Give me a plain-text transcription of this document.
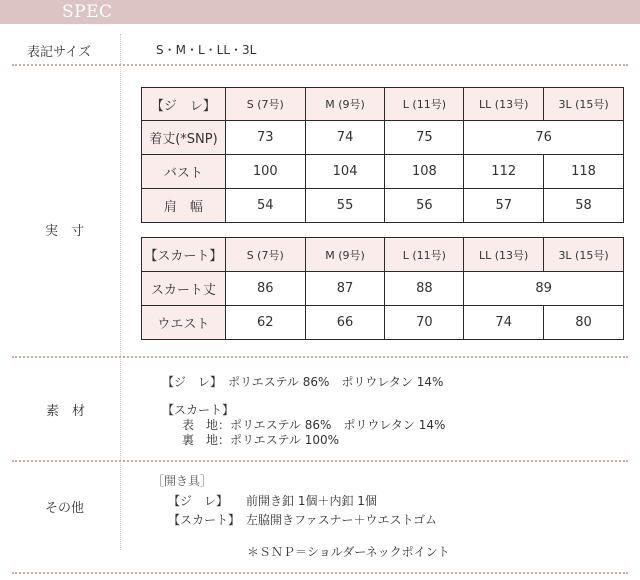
SPEC
表記サイズ	S・M・L・LL・3L
実　寸
【ジ　レ】	S (7号)	M (9号)	L (11号)	LL (13号)	3L (15号)
着丈(*SNP)	73	74	75	76	
バスト	100	104	108	112	118
肩　幅	54	55	56	57	58
【スカート】	S (7号)	M (9号)	L (11号)	LL (13号)	3L (15号)
スカート丈	86	87	88	89	
ウエスト	62	66	70	74	80
素　材
【ジ　レ】　ポリエステル 86%　ポリウレタン 14%
【スカート】
　表　地：ポリエステル 86%　ポリウレタン 14%
　裏　地：ポリエステル 100%
その他
［開き具］
　【ジ　レ】　　前開き釦 1個＋内釦 1個
　【スカート】　左脇開きファスナー＋ウエストゴム
＊ＳＮＰ＝ショルダーネックポイント
